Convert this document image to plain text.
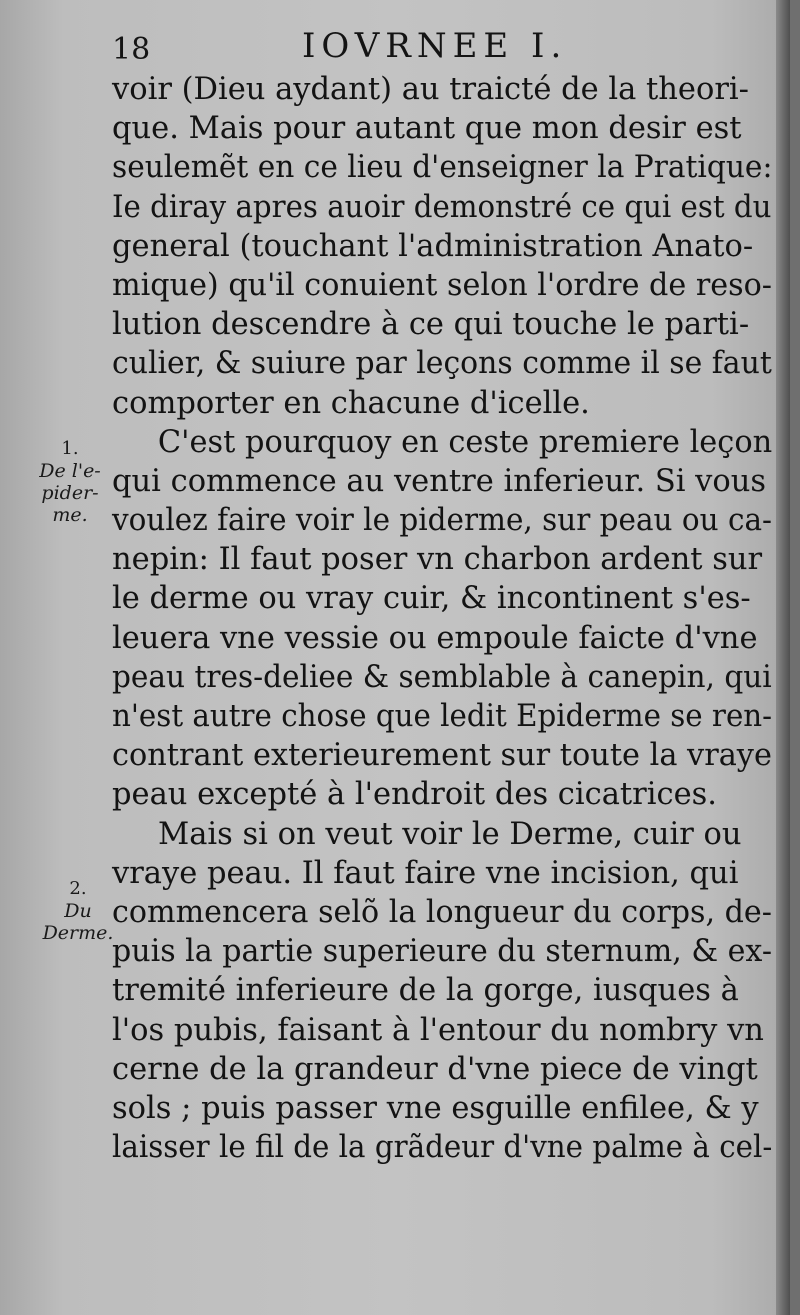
18	IOVRNEE I.
1.
De l'e-
pider-
me.
2.
Du
Derme.
voir (Dieu aydant) au traicté de la theori-
que. Mais pour autant que mon desir est
seulemẽt en ce lieu d'enseigner la Pratique:
Ie diray apres auoir demonstré ce qui est du
general (touchant l'administration Anato-
mique) qu'il conuient selon l'ordre de reso-
lution descendre à ce qui touche le parti-
culier, & suiure par leçons comme il se faut
comporter en chacune d'icelle.
C'est pourquoy en ceste premiere leçon
qui commence au ventre inferieur. Si vous
voulez faire voir le piderme, sur peau ou ca-
nepin: Il faut poser vn charbon ardent sur
le derme ou vray cuir, & incontinent s'es-
leuera vne vessie ou empoule faicte d'vne
peau tres-deliee & semblable à canepin, qui
n'est autre chose que ledit Epiderme se ren-
contrant exterieurement sur toute la vraye
peau excepté à l'endroit des cicatrices.
Mais si on veut voir le Derme, cuir ou
vraye peau. Il faut faire vne incision, qui
commencera selõ la longueur du corps, de-
puis la partie superieure du sternum, & ex-
tremité inferieure de la gorge, iusques à
l'os pubis, faisant à l'entour du nombry vn
cerne de la grandeur d'vne piece de vingt
sols ; puis passer vne esguille enfilee, & y
laisser le fil de la grãdeur d'vne palme à cel-
